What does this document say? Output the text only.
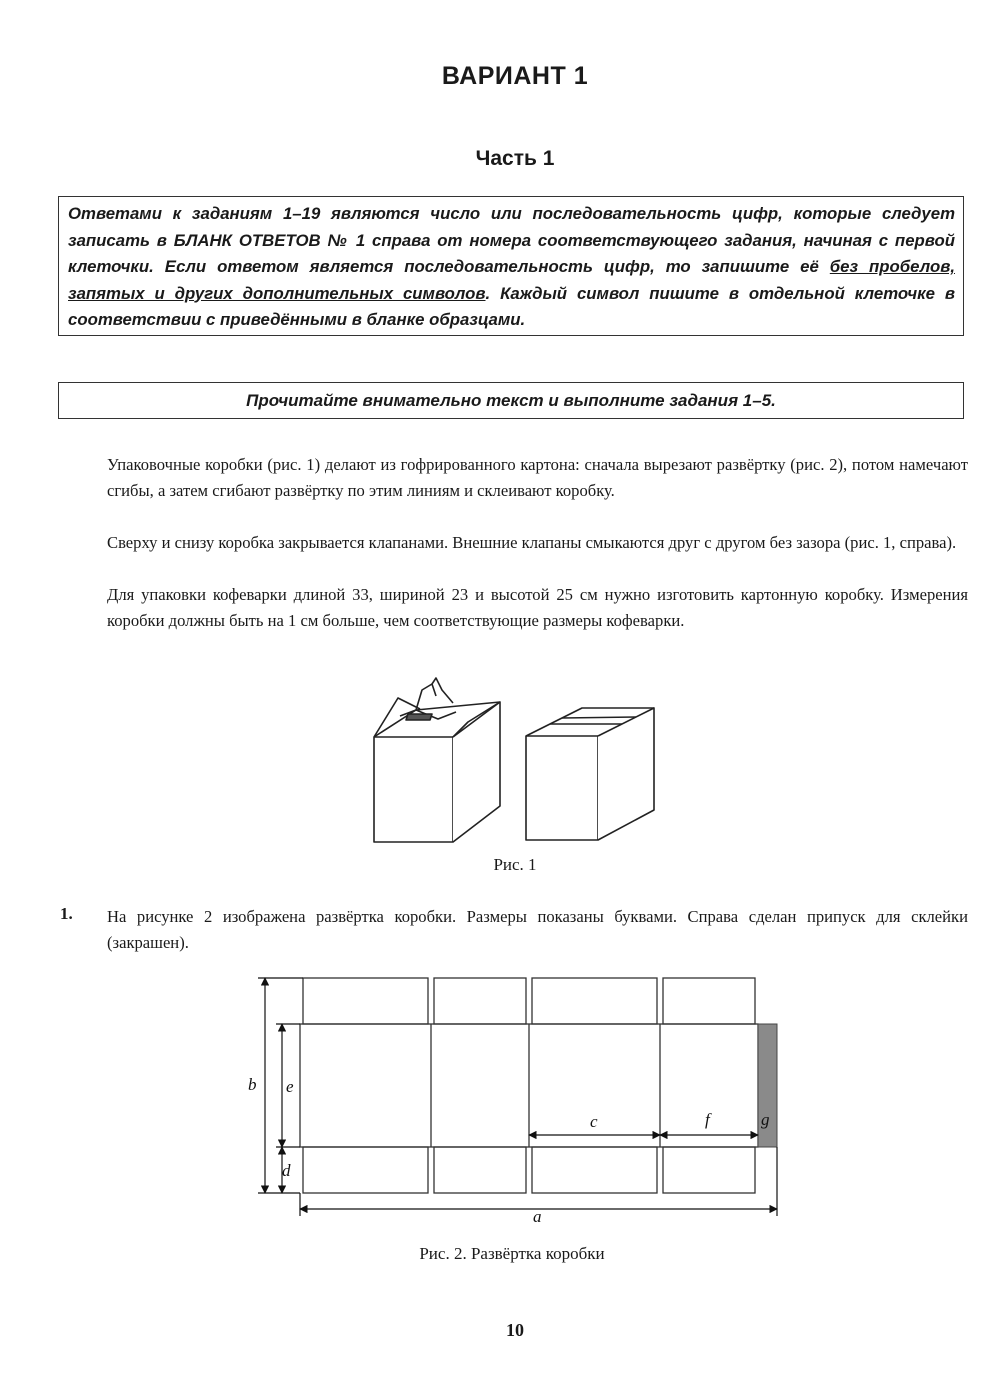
ВАРИАНТ 1
Часть 1
Ответами к заданиям 1–19 являются число или последовательность цифр, которые следует записать в БЛАНК ОТВЕТОВ № 1 справа от номера соответствующего задания, начиная с первой клеточки. Если ответом является последовательность цифр, то запишите её без пробелов, запятых и других дополнительных символов. Каждый символ пишите в отдельной клеточке в соответствии с приведёнными в бланке образцами.
Прочитайте внимательно текст и выполните задания 1–5.
Упаковочные коробки (рис. 1) делают из гофрированного картона: сначала вырезают развёртку (рис. 2), потом намечают сгибы, а затем сгибают развёртку по этим линиям и склеивают коробку.
Сверху и снизу коробка закрывается клапанами. Внешние клапаны смыкаются друг с другом без зазора (рис. 1, справа).
Для упаковки кофеварки длиной 33, шириной 23 и высотой 25 см нужно изготовить картонную коробку. Измерения коробки должны быть на 1 см больше, чем соответствующие размеры кофеварки.
Рис. 1
1. На рисунке 2 изображена развёртка коробки. Размеры показаны буквами. Справа сделан припуск для склейки (закрашен).
b e
d
c	f	g
a
Рис. 2. Развёртка коробки
10
